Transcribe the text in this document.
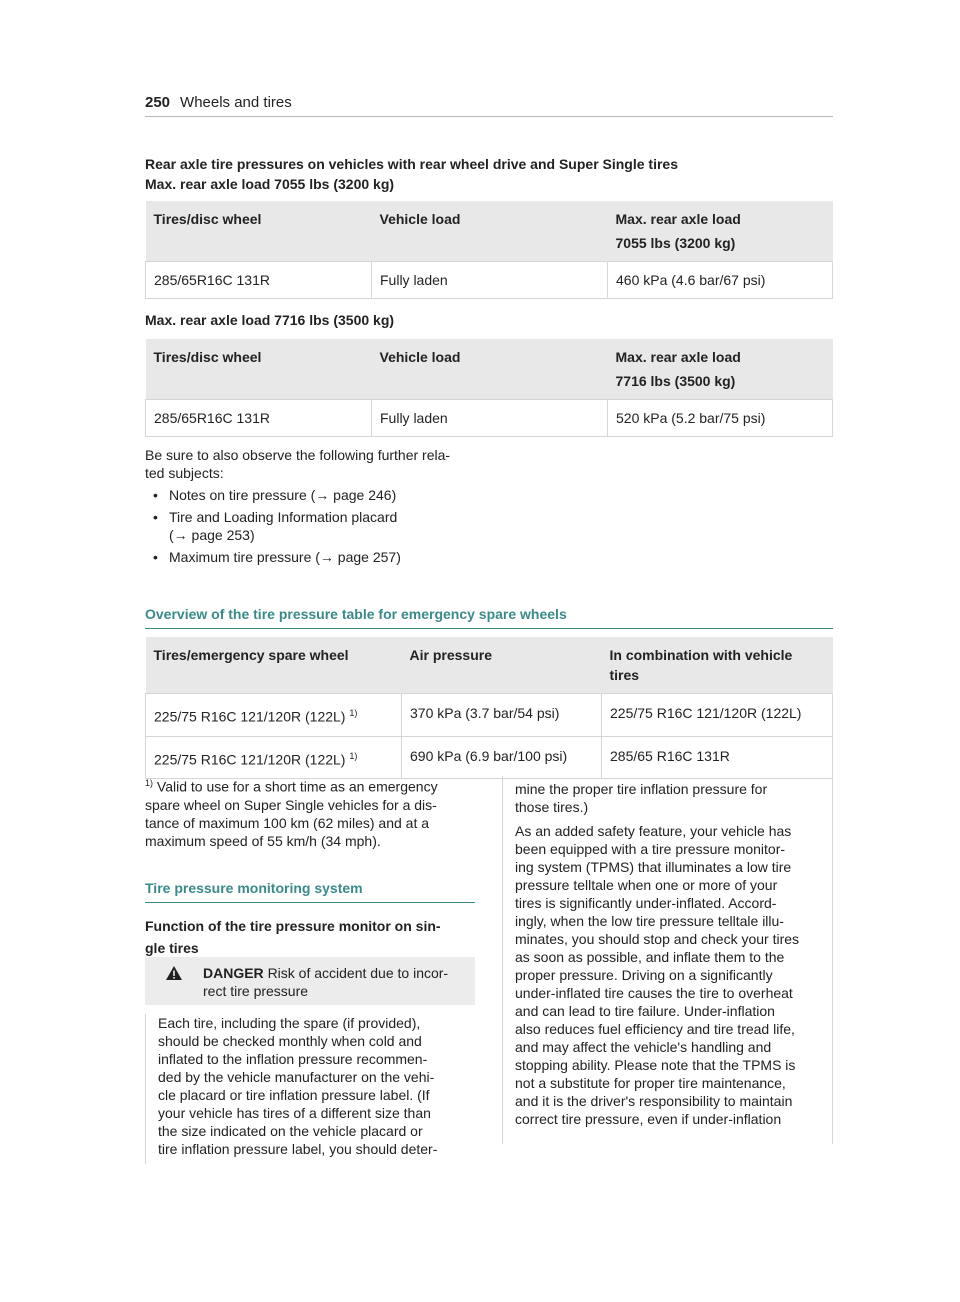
250 Wheels and tires
Rear axle tire pressures on vehicles with rear wheel drive and Super Single tires
Max. rear axle load 7055 lbs (3200 kg)
Tires/disc wheel	Vehicle load	Max. rear axle load
7055 lbs (3200 kg)

285/65R16C 131R	Fully laden	460 kPa (4.6 bar/67 psi)
Max. rear axle load 7716 lbs (3500 kg)
Tires/disc wheel	Vehicle load	Max. rear axle load
7716 lbs (3500 kg)

285/65R16C 131R	Fully laden	520 kPa (5.2 bar/75 psi)
Be sure to also observe the following further rela-
ted subjects:
• Notes on tire pressure (→ page 246)
• Tire and Loading Information placard
(→ page 253)
• Maximum tire pressure (→ page 257)
Overview of the tire pressure table for emergency spare wheels
Tires/emergency spare wheel	Air pressure	In combination with vehicle
tires

225/75 R16C 121/120R (122L) $^{1)}$	370 kPa (3.7 bar/54 psi)	225/75 R16C 121/120R (122L)
225/75 R16C 121/120R (122L) $^{1)}$	690 kPa (6.9 bar/100 psi)	285/65 R16C 131R
$^{1)}$ Valid to use for a short time as an emergency
spare wheel on Super Single vehicles for a dis-
tance of maximum 100 km (62 miles) and at a
maximum speed of 55 km/h (34 mph).
Tire pressure monitoring system
Function of the tire pressure monitor on sin-
gle tires
DANGER Risk of accident due to incor-
rect tire pressure
Each tire, including the spare (if provided),
should be checked monthly when cold and
inflated to the inflation pressure recommen-
ded by the vehicle manufacturer on the vehi-
cle placard or tire inflation pressure label. (If
your vehicle has tires of a different size than
the size indicated on the vehicle placard or
tire inflation pressure label, you should deter-
mine the proper tire inflation pressure for
those tires.)
As an added safety feature, your vehicle has
been equipped with a tire pressure monitor-
ing system (TPMS) that illuminates a low tire
pressure telltale when one or more of your
tires is significantly under-inflated. Accord-
ingly, when the low tire pressure telltale illu-
minates, you should stop and check your tires
as soon as possible, and inflate them to the
proper pressure. Driving on a significantly
under-inflated tire causes the tire to overheat
and can lead to tire failure. Under-inflation
also reduces fuel efficiency and tire tread life,
and may affect the vehicle's handling and
stopping ability. Please note that the TPMS is
not a substitute for proper tire maintenance,
and it is the driver's responsibility to maintain
correct tire pressure, even if under-inflation
